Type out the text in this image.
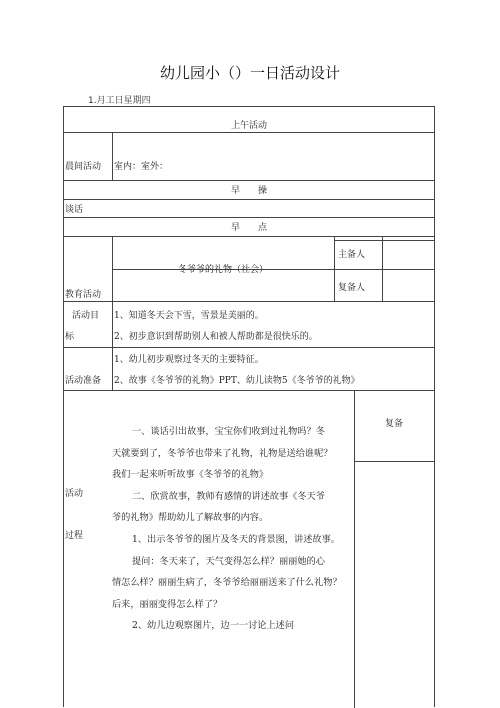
幼儿园小（）一日活动设计
1.月工日星期四
上午活动
晨间活动 室内：室外：
早　　操
谈话
早　　点
冬爷爷的礼物（社会）
主备人
复备人
教育活动
活动目
标
1、知道冬天会下雪，雪景是美丽的。
2、初步意识到帮助别人和被人帮助都是很快乐的。
1、幼儿初步观察过冬天的主要特征。
活动准备 2、故事《冬爷爷的礼物》PPT、幼儿读物5《冬爷爷的礼物》
复备
活动
过程

一、谈话引出故事，宝宝你们收到过礼物吗？冬

天就要到了，冬爷爷也带来了礼物，礼物是送给谁呢？

我们一起来听听故事《冬爷爷的礼物》

二、欣赏故事，教师有感情的讲述故事《冬天爷

爷的礼物》帮助幼儿了解故事的内容。

1、出示冬爷爷的图片及冬天的背景图，讲述故事。

提问：冬天来了，天气变得怎么样？丽丽她的心

情怎么样？丽丽生病了，冬爷爷给丽丽送来了什么礼物？

后来，丽丽变得怎么样了？

2、幼儿边观察图片，边一一讨论上述问
